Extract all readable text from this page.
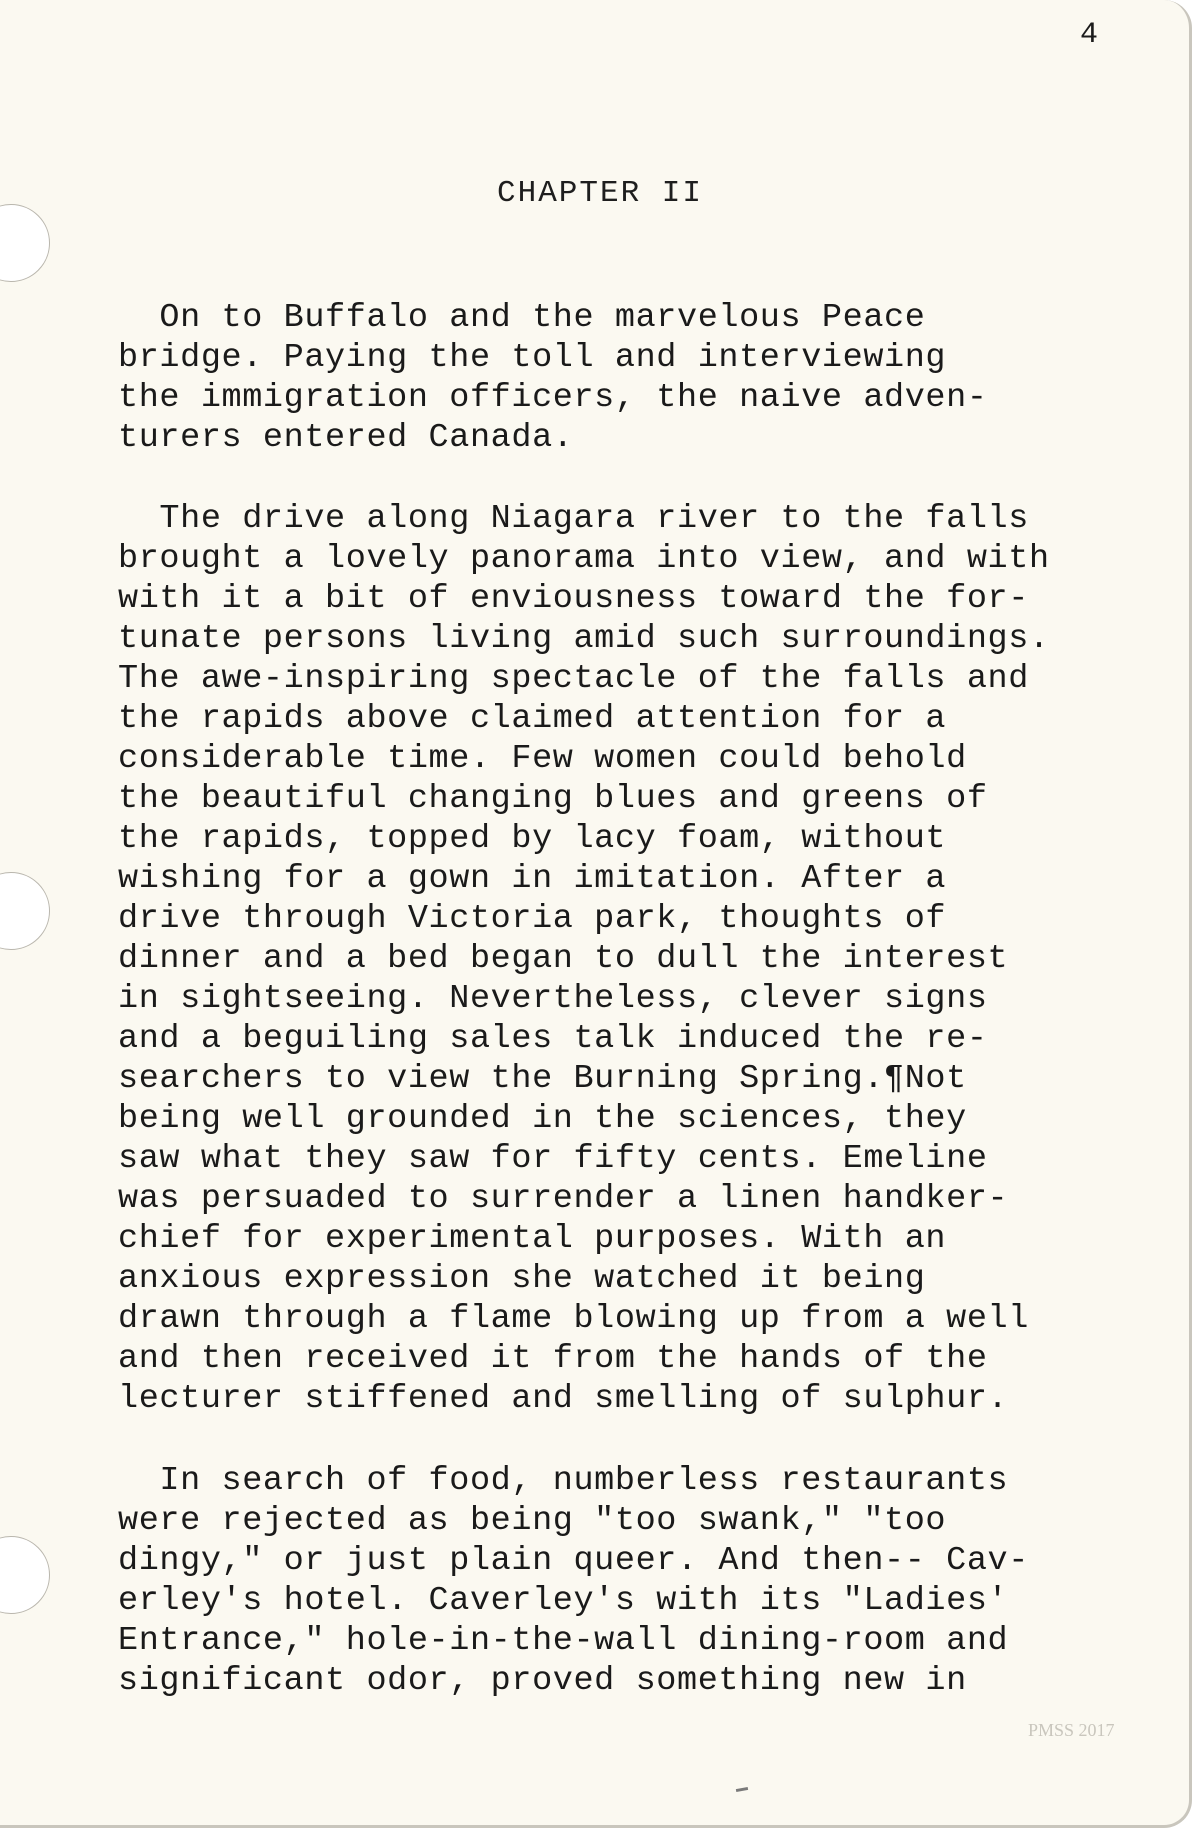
4
CHAPTER II
On to Buffalo and the marvelous Peace
bridge. Paying the toll and interviewing
the immigration officers, the naive adven-
turers entered Canada.
The drive along Niagara river to the falls
brought a lovely panorama into view, and with
with it a bit of enviousness toward the for-
tunate persons living amid such surroundings.
The awe-inspiring spectacle of the falls and
the rapids above claimed attention for a
considerable time. Few women could behold
the beautiful changing blues and greens of
the rapids, topped by lacy foam, without
wishing for a gown in imitation. After a
drive through Victoria park, thoughts of
dinner and a bed began to dull the interest
in sightseeing. Nevertheless, clever signs
and a beguiling sales talk induced the re-
searchers to view the Burning Spring.¶Not
being well grounded in the sciences, they
saw what they saw for fifty cents. Emeline
was persuaded to surrender a linen handker-
chief for experimental purposes. With an
anxious expression she watched it being
drawn through a flame blowing up from a well
and then received it from the hands of the
lecturer stiffened and smelling of sulphur.
In search of food, numberless restaurants
were rejected as being "too swank," "too
dingy," or just plain queer. And then-- Cav-
erley's hotel. Caverley's with its "Ladies'
Entrance," hole-in-the-wall dining-room and
significant odor, proved something new in
PMSS 2017
